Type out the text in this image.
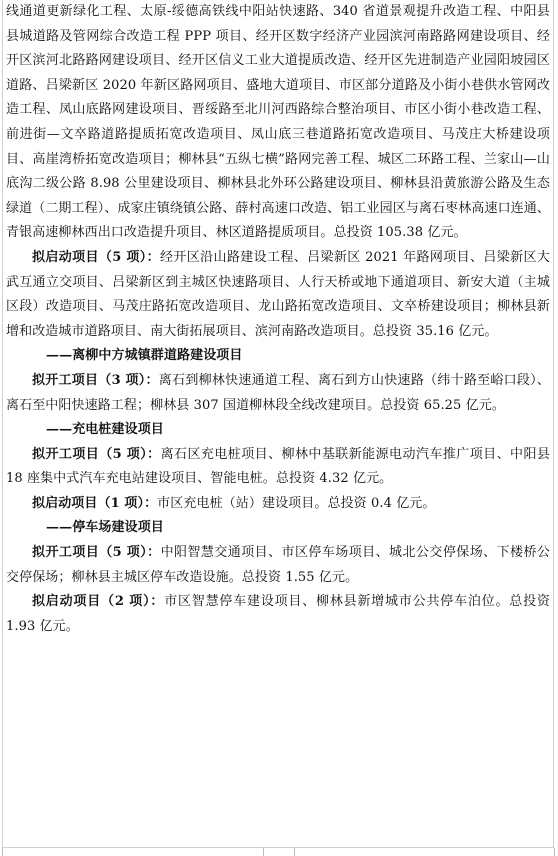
线通道更新绿化工程、太原-绥德高铁线中阳站快速路、340 省道景观提升改造工程、中阳县县城道路及管网综合改造工程 PPP 项目、经开区数字经济产业园滨河南路路网建设项目、经开区滨河北路路网建设项目、经开区信义工业大道提质改造、经开区先进制造产业园阳坡园区道路、吕梁新区 2020 年新区路网项目、盛地大道项目、市区部分道路及小街小巷供水管网改造工程、凤山底路网建设项目、晋绥路至北川河西路综合整治项目、市区小街小巷改造工程、前进街—文卒路道路提质拓宽改造项目、凤山底三巷道路拓宽改造项目、马茂庄大桥建设项目、高崖湾桥拓宽改造项目；柳林县“五纵七横”路网完善工程、城区二环路工程、兰家山—山底沟二级公路 8.98 公里建设项目、柳林县北外环公路建设项目、柳林县沿黄旅游公路及生态绿道（二期工程）、成家庄镇绕镇公路、薛村高速口改造、铝工业园区与离石枣林高速口连通、青银高速柳林西出口改造提升项目、林区道路提质项目。总投资 105.38 亿元。

拟启动项目（5 项）：经开区沿山路建设工程、吕梁新区 2021 年路网项目、吕梁新区大武互通立交项目、吕梁新区到主城区快速路项目、人行天桥或地下通道项目、新安大道（主城区段）改造项目、马茂庄路拓宽改造项目、龙山路拓宽改造项目、文卒桥建设项目；柳林县新增和改造城市道路项目、南大街拓展项目、滨河南路改造项目。总投资 35.16 亿元。

——离柳中方城镇群道路建设项目

拟开工项目（3 项）：离石到柳林快速通道工程、离石到方山快速路（纬十路至峪口段）、离石至中阳快速路工程；柳林县 307 国道柳林段全线改建项目。总投资 65.25 亿元。

——充电桩建设项目

拟开工项目（5 项）：离石区充电桩项目、柳林中基联新能源电动汽车推广项目、中阳县 18 座集中式汽车充电站建设项目、智能电桩。总投资 4.32 亿元。

拟启动项目（1 项）：市区充电桩（站）建设项目。总投资 0.4 亿元。

——停车场建设项目

拟开工项目（5 项）：中阳智慧交通项目、市区停车场项目、城北公交停保场、下楼桥公交停保场；柳林县主城区停车改造设施。总投资 1.55 亿元。

拟启动项目（2 项）：市区智慧停车建设项目、柳林县新增城市公共停车泊位。总投资 1.93 亿元。
